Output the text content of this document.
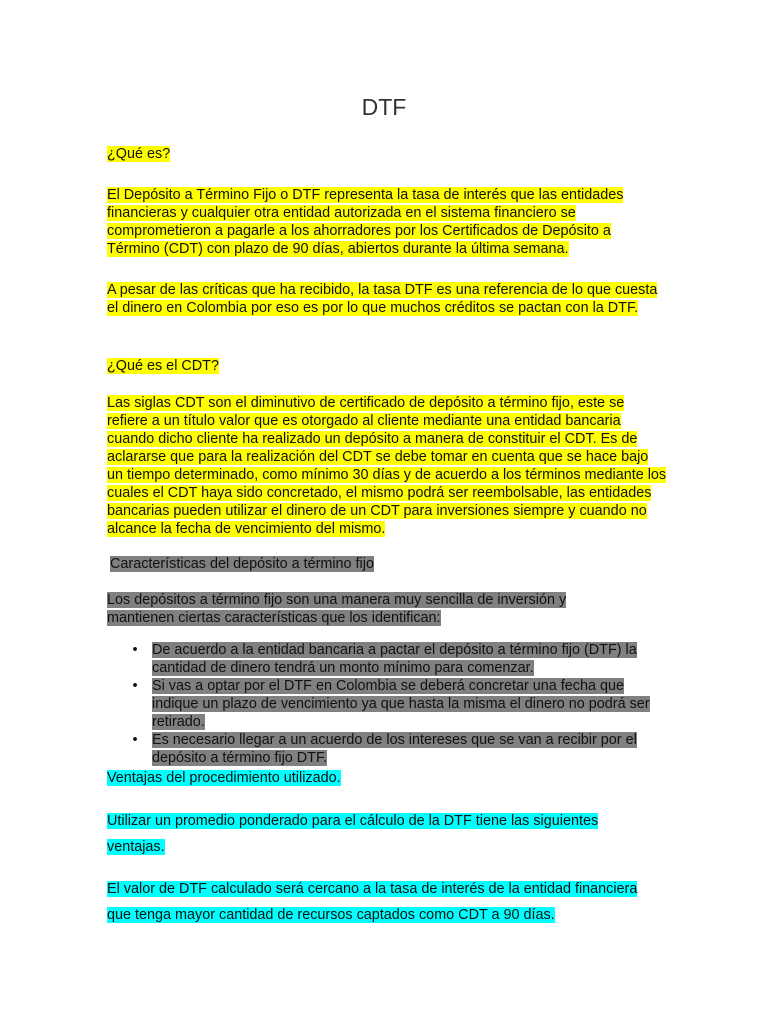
DTF

¿Qué es?

El Depósito a Término Fijo o DTF representa la tasa de interés que las entidades financieras y cualquier otra entidad autorizada en el sistema financiero se comprometieron a pagarle a los ahorradores por los Certificados de Depósito a Término (CDT) con plazo de 90 días, abiertos durante la última semana.

A pesar de las críticas que ha recibido, la tasa DTF es una referencia de lo que cuesta el dinero en Colombia por eso es por lo que muchos créditos se pactan con la DTF.

¿Qué es el CDT?

Las siglas CDT son el diminutivo de certificado de depósito a término fijo, este se refiere a un título valor que es otorgado al cliente mediante una entidad bancaria cuando dicho cliente ha realizado un depósito a manera de constituir el CDT. Es de aclararse que para la realización del CDT se debe tomar en cuenta que se hace bajo un tiempo determinado, como mínimo 30 días y de acuerdo a los términos mediante los cuales el CDT haya sido concretado, el mismo podrá ser reembolsable, las entidades bancarias pueden utilizar el dinero de un CDT para inversiones siempre y cuando no alcance la fecha de vencimiento del mismo.

Características del depósito a término fijo

Los depósitos a término fijo son una manera muy sencilla de inversión y mantienen ciertas características que los identifican:

• De acuerdo a la entidad bancaria a pactar el depósito a término fijo (DTF) la cantidad de dinero tendrá un monto mínimo para comenzar.
• Si vas a optar por el DTF en Colombia se deberá concretar una fecha que indique un plazo de vencimiento ya que hasta la misma el dinero no podrá ser retirado.
• Es necesario llegar a un acuerdo de los intereses que se van a recibir por el depósito a término fijo DTF.

Ventajas del procedimiento utilizado.

Utilizar un promedio ponderado para el cálculo de la DTF tiene las siguientes ventajas.

El valor de DTF calculado será cercano a la tasa de interés de la entidad financiera que tenga mayor cantidad de recursos captados como CDT a 90 días.
